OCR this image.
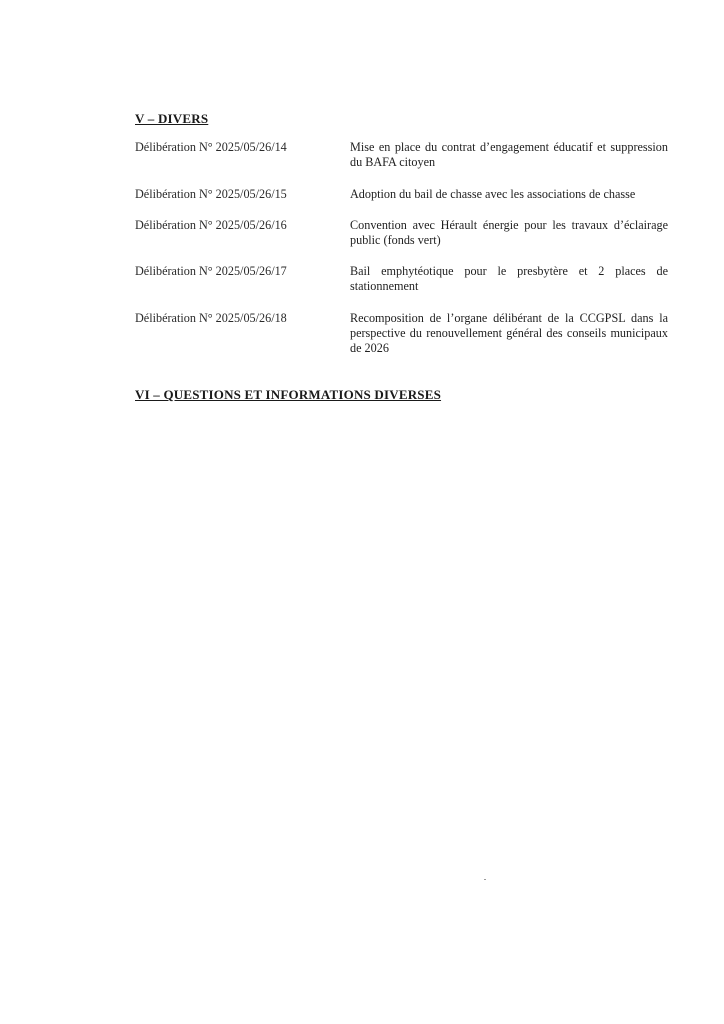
V – DIVERS
Délibération N° 2025/05/26/14	Mise en place du contrat d’engagement éducatif et suppression du BAFA citoyen
Délibération N° 2025/05/26/15	Adoption du bail de chasse avec les associations de chasse
Délibération N° 2025/05/26/16	Convention avec Hérault énergie pour les travaux d’éclairage public (fonds vert)
Délibération N° 2025/05/26/17	Bail emphytéotique pour le presbytère et 2 places de stationnement
Délibération N° 2025/05/26/18	Recomposition de l’organe délibérant de la CCGPSL dans la perspective du renouvellement général des conseils municipaux de 2026
VI – QUESTIONS ET INFORMATIONS DIVERSES
